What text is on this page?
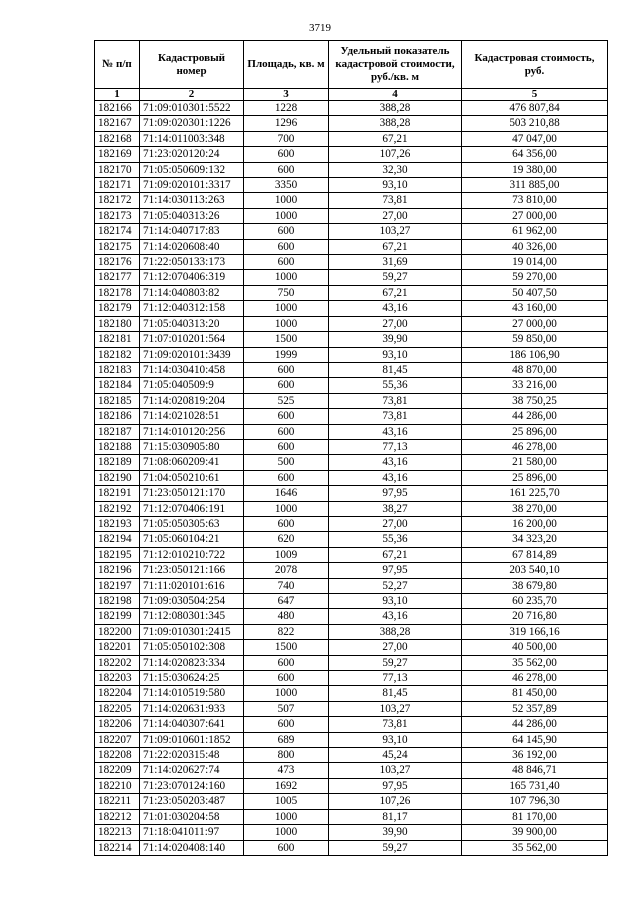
3719
№ п/п	Кадастровый номер	Площадь, кв. м	Удельный показатель кадастровой стоимости, руб./кв. м	Кадастровая стоимость, руб.
1	2	3	4	5
182166	71:09:010301:5522	1228	388,28	476 807,84
182167	71:09:020301:1226	1296	388,28	503 210,88
182168	71:14:011003:348	700	67,21	47 047,00
182169	71:23:020120:24	600	107,26	64 356,00
182170	71:05:050609:132	600	32,30	19 380,00
182171	71:09:020101:3317	3350	93,10	311 885,00
182172	71:14:030113:263	1000	73,81	73 810,00
182173	71:05:040313:26	1000	27,00	27 000,00
182174	71:14:040717:83	600	103,27	61 962,00
182175	71:14:020608:40	600	67,21	40 326,00
182176	71:22:050133:173	600	31,69	19 014,00
182177	71:12:070406:319	1000	59,27	59 270,00
182178	71:14:040803:82	750	67,21	50 407,50
182179	71:12:040312:158	1000	43,16	43 160,00
182180	71:05:040313:20	1000	27,00	27 000,00
182181	71:07:010201:564	1500	39,90	59 850,00
182182	71:09:020101:3439	1999	93,10	186 106,90
182183	71:14:030410:458	600	81,45	48 870,00
182184	71:05:040509:9	600	55,36	33 216,00
182185	71:14:020819:204	525	73,81	38 750,25
182186	71:14:021028:51	600	73,81	44 286,00
182187	71:14:010120:256	600	43,16	25 896,00
182188	71:15:030905:80	600	77,13	46 278,00
182189	71:08:060209:41	500	43,16	21 580,00
182190	71:04:050210:61	600	43,16	25 896,00
182191	71:23:050121:170	1646	97,95	161 225,70
182192	71:12:070406:191	1000	38,27	38 270,00
182193	71:05:050305:63	600	27,00	16 200,00
182194	71:05:060104:21	620	55,36	34 323,20
182195	71:12:010210:722	1009	67,21	67 814,89
182196	71:23:050121:166	2078	97,95	203 540,10
182197	71:11:020101:616	740	52,27	38 679,80
182198	71:09:030504:254	647	93,10	60 235,70
182199	71:12:080301:345	480	43,16	20 716,80
182200	71:09:010301:2415	822	388,28	319 166,16
182201	71:05:050102:308	1500	27,00	40 500,00
182202	71:14:020823:334	600	59,27	35 562,00
182203	71:15:030624:25	600	77,13	46 278,00
182204	71:14:010519:580	1000	81,45	81 450,00
182205	71:14:020631:933	507	103,27	52 357,89
182206	71:14:040307:641	600	73,81	44 286,00
182207	71:09:010601:1852	689	93,10	64 145,90
182208	71:22:020315:48	800	45,24	36 192,00
182209	71:14:020627:74	473	103,27	48 846,71
182210	71:23:070124:160	1692	97,95	165 731,40
182211	71:23:050203:487	1005	107,26	107 796,30
182212	71:01:030204:58	1000	81,17	81 170,00
182213	71:18:041011:97	1000	39,90	39 900,00
182214	71:14:020408:140	600	59,27	35 562,00
